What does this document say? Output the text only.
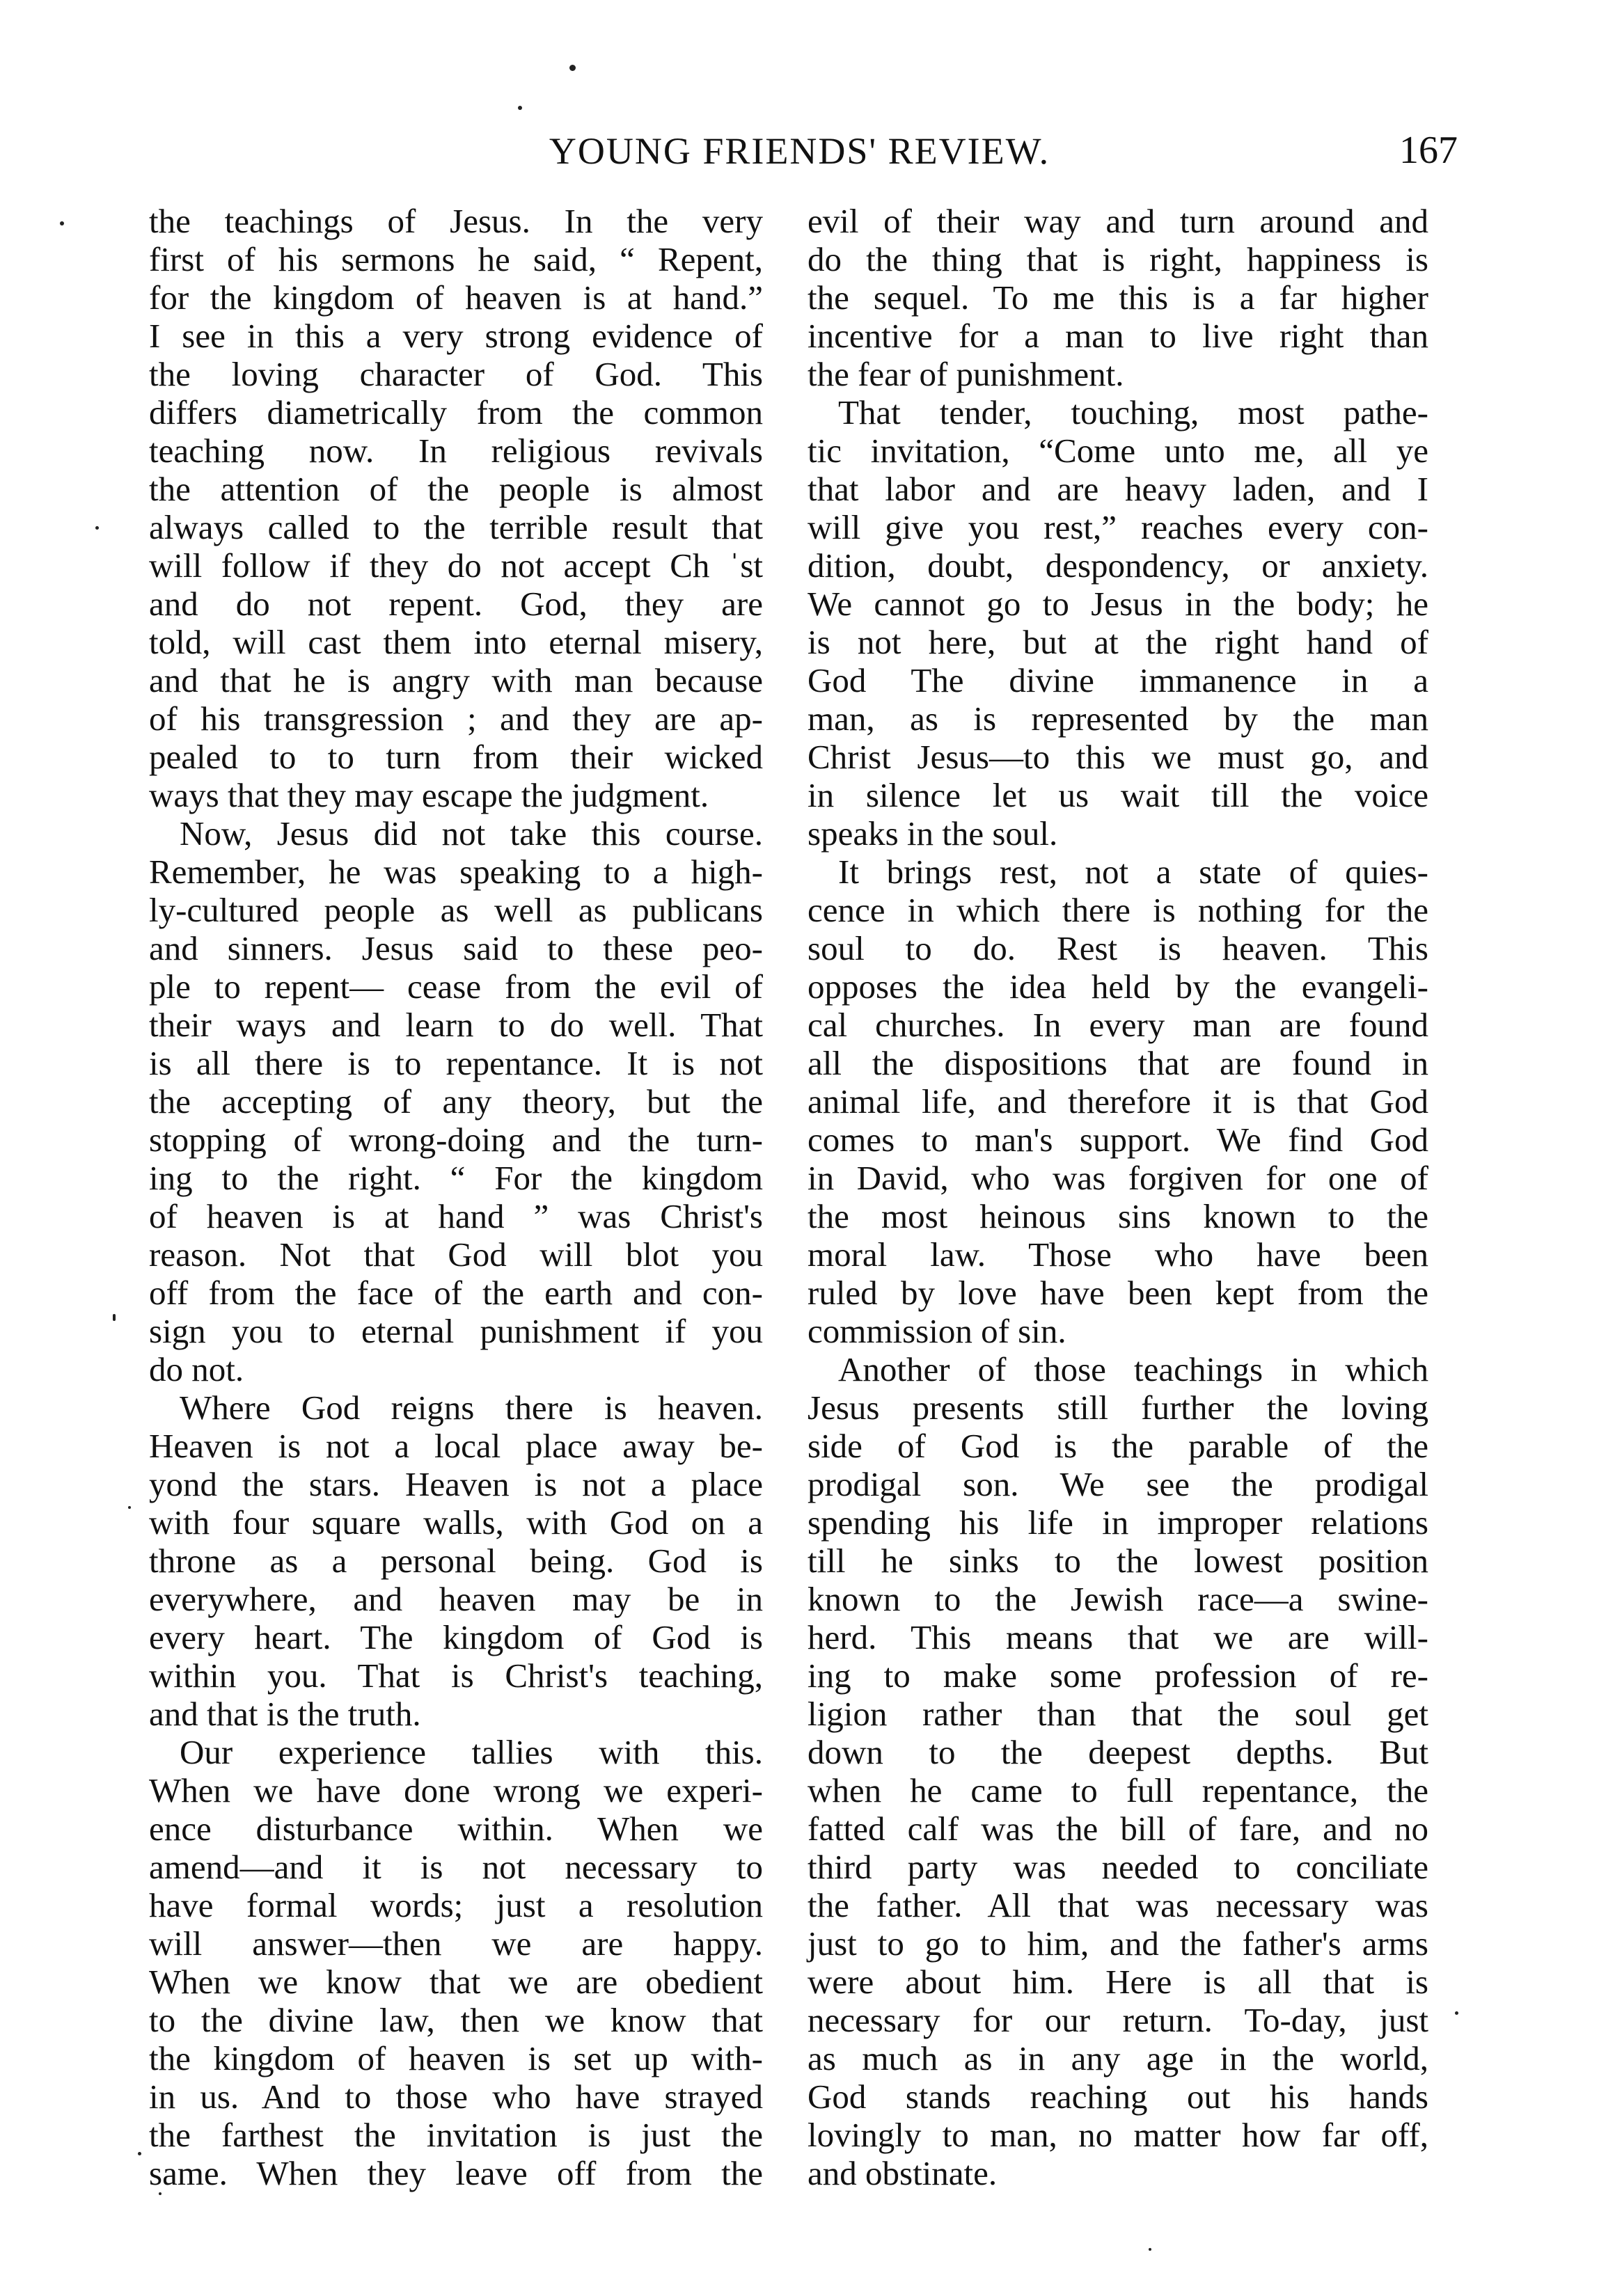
YOUNG FRIENDS' REVIEW.	167
the teachings of Jesus. In the very
first of his sermons he said, “ Repent,
for the kingdom of heaven is at hand.”
I see in this a very strong evidence of
the loving character of God. This
differs diametrically from the common
teaching now. In religious revivals
the attention of the people is almost
always called to the terrible result that
will follow if they do not accept Ch ˈst
and do not repent. God, they are
told, will cast them into eternal misery,
and that he is angry with man because
of his transgression ; and they are ap-
pealed to to turn from their wicked
ways that they may escape the judgment.
Now, Jesus did not take this course.
Remember, he was speaking to a high-
ly-cultured people as well as publicans
and sinners. Jesus said to these peo-
ple to repent— cease from the evil of
their ways and learn to do well. That
is all there is to repentance. It is not
the accepting of any theory, but the
stopping of wrong-doing and the turn-
ing to the right. “ For the kingdom
of heaven is at hand ” was Christ's
reason. Not that God will blot you
off from the face of the earth and con-
sign you to eternal punishment if you
do not.
Where God reigns there is heaven.
Heaven is not a local place away be-
yond the stars. Heaven is not a place
with four square walls, with God on a
throne as a personal being. God is
everywhere, and heaven may be in
every heart. The kingdom of God is
within you. That is Christ's teaching,
and that is the truth.
Our experience tallies with this.
When we have done wrong we experi-
ence disturbance within. When we
amend—and it is not necessary to
have formal words; just a resolution
will answer—then we are happy.
When we know that we are obedient
to the divine law, then we know that
the kingdom of heaven is set up with-
in us. And to those who have strayed
the farthest the invitation is just the
same. When they leave off from the
evil of their way and turn around and
do the thing that is right, happiness is
the sequel. To me this is a far higher
incentive for a man to live right than
the fear of punishment.
That tender, touching, most pathe-
tic invitation, “Come unto me, all ye
that labor and are heavy laden, and I
will give you rest,” reaches every con-
dition, doubt, despondency, or anxiety.
We cannot go to Jesus in the body; he
is not here, but at the right hand of
God The divine immanence in a
man, as is represented by the man
Christ Jesus—to this we must go, and
in silence let us wait till the voice
speaks in the soul.
It brings rest, not a state of quies-
cence in which there is nothing for the
soul to do. Rest is heaven. This
opposes the idea held by the evangeli-
cal churches. In every man are found
all the dispositions that are found in
animal life, and therefore it is that God
comes to man's support. We find God
in David, who was forgiven for one of
the most heinous sins known to the
moral law. Those who have been
ruled by love have been kept from the
commission of sin.
Another of those teachings in which
Jesus presents still further the loving
side of God is the parable of the
prodigal son. We see the prodigal
spending his life in improper relations
till he sinks to the lowest position
known to the Jewish race—a swine-
herd. This means that we are will-
ing to make some profession of re-
ligion rather than that the soul get
down to the deepest depths. But
when he came to full repentance, the
fatted calf was the bill of fare, and no
third party was needed to conciliate
the father. All that was necessary was
just to go to him, and the father's arms
were about him. Here is all that is
necessary for our return. To-day, just
as much as in any age in the world,
God stands reaching out his hands
lovingly to man, no matter how far off,
and obstinate.
